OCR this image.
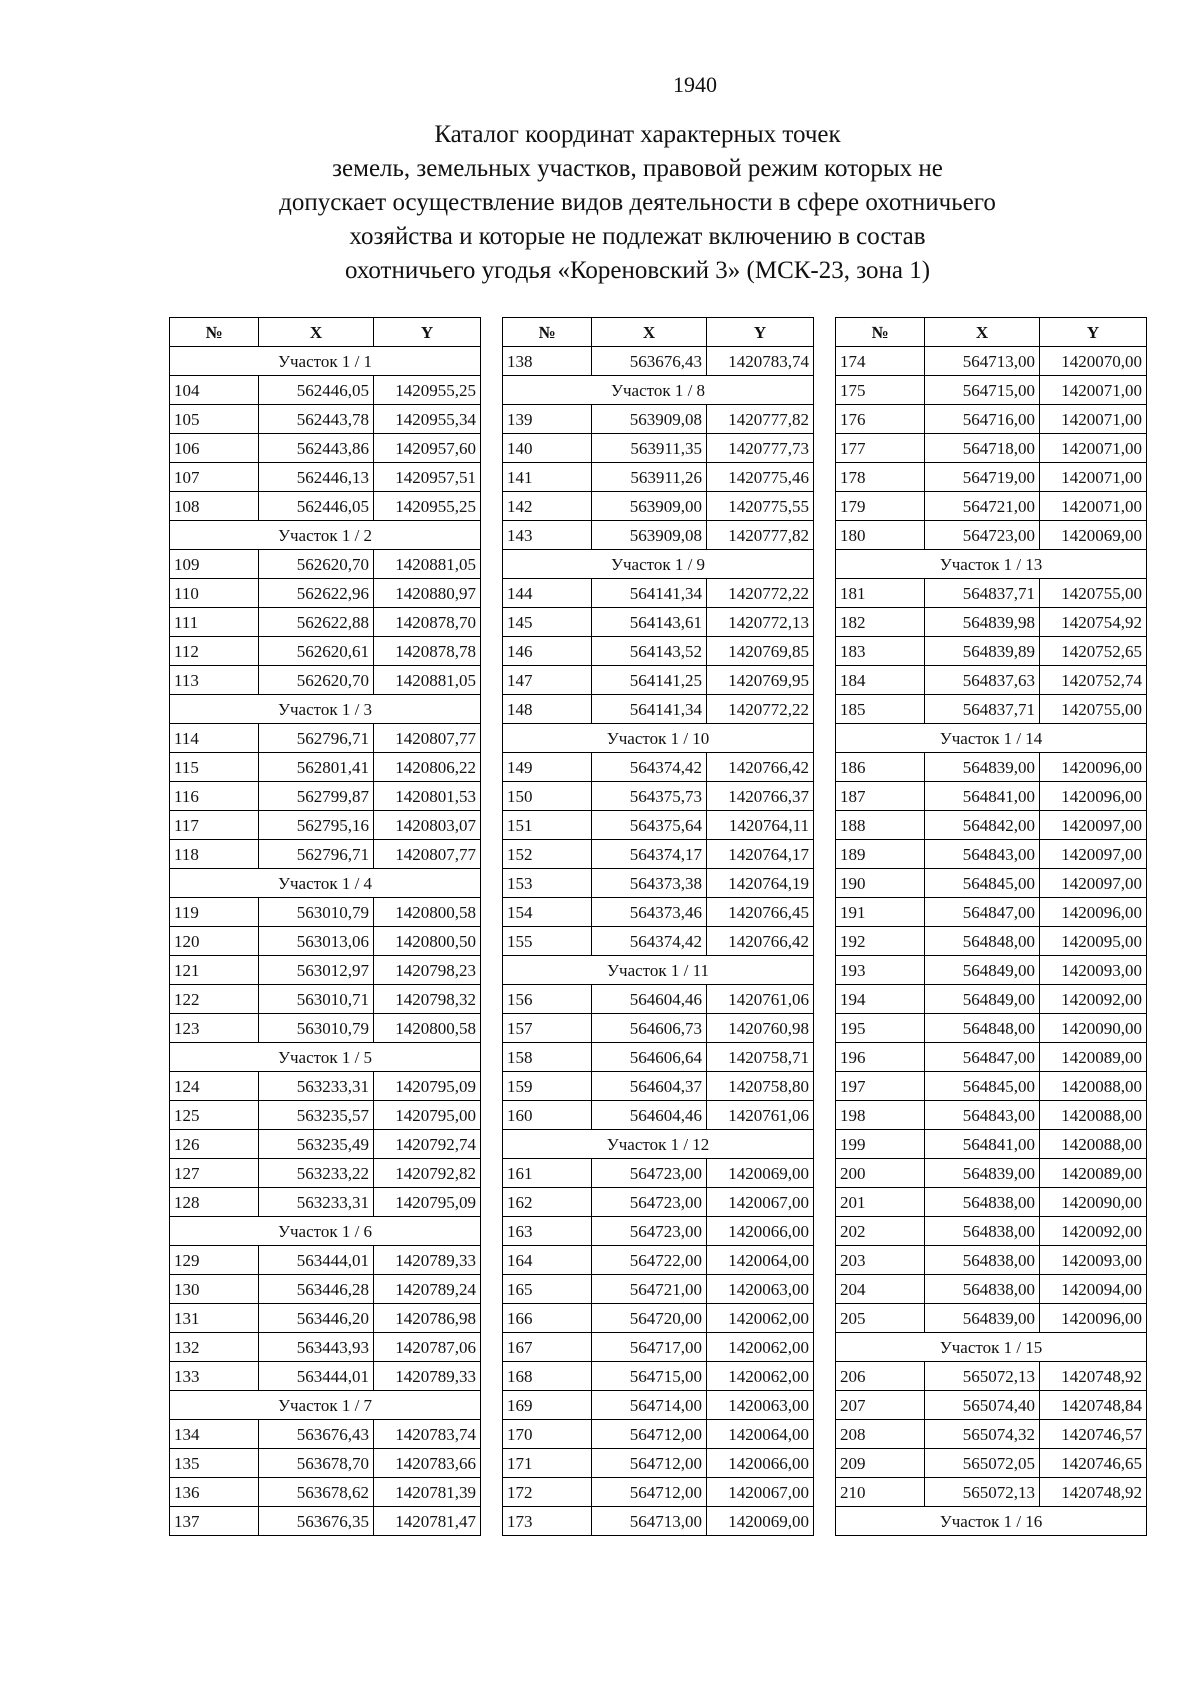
1940
Каталог координат характерных точек
земель, земельных участков, правовой режим которых не
допускает осуществление видов деятельности в сфере охотничьего
хозяйства и которые не подлежат включению в состав
охотничьего угодья «Кореновский 3» (МСК-23, зона 1)
№	X	Y
Участок 1 / 1		
104	562446,05	1420955,25
105	562443,78	1420955,34
106	562443,86	1420957,60
107	562446,13	1420957,51
108	562446,05	1420955,25
Участок 1 / 2		
109	562620,70	1420881,05
110	562622,96	1420880,97
111	562622,88	1420878,70
112	562620,61	1420878,78
113	562620,70	1420881,05
Участок 1 / 3		
114	562796,71	1420807,77
115	562801,41	1420806,22
116	562799,87	1420801,53
117	562795,16	1420803,07
118	562796,71	1420807,77
Участок 1 / 4		
119	563010,79	1420800,58
120	563013,06	1420800,50
121	563012,97	1420798,23
122	563010,71	1420798,32
123	563010,79	1420800,58
Участок 1 / 5		
124	563233,31	1420795,09
125	563235,57	1420795,00
126	563235,49	1420792,74
127	563233,22	1420792,82
128	563233,31	1420795,09
Участок 1 / 6		
129	563444,01	1420789,33
130	563446,28	1420789,24
131	563446,20	1420786,98
132	563443,93	1420787,06
133	563444,01	1420789,33
Участок 1 / 7		
134	563676,43	1420783,74
135	563678,70	1420783,66
136	563678,62	1420781,39
137	563676,35	1420781,47
№	X	Y
138	563676,43	1420783,74
Участок 1 / 8		
139	563909,08	1420777,82
140	563911,35	1420777,73
141	563911,26	1420775,46
142	563909,00	1420775,55
143	563909,08	1420777,82
Участок 1 / 9		
144	564141,34	1420772,22
145	564143,61	1420772,13
146	564143,52	1420769,85
147	564141,25	1420769,95
148	564141,34	1420772,22
Участок 1 / 10		
149	564374,42	1420766,42
150	564375,73	1420766,37
151	564375,64	1420764,11
152	564374,17	1420764,17
153	564373,38	1420764,19
154	564373,46	1420766,45
155	564374,42	1420766,42
Участок 1 / 11		
156	564604,46	1420761,06
157	564606,73	1420760,98
158	564606,64	1420758,71
159	564604,37	1420758,80
160	564604,46	1420761,06
Участок 1 / 12		
161	564723,00	1420069,00
162	564723,00	1420067,00
163	564723,00	1420066,00
164	564722,00	1420064,00
165	564721,00	1420063,00
166	564720,00	1420062,00
167	564717,00	1420062,00
168	564715,00	1420062,00
169	564714,00	1420063,00
170	564712,00	1420064,00
171	564712,00	1420066,00
172	564712,00	1420067,00
173	564713,00	1420069,00
№	X	Y
174	564713,00	1420070,00
175	564715,00	1420071,00
176	564716,00	1420071,00
177	564718,00	1420071,00
178	564719,00	1420071,00
179	564721,00	1420071,00
180	564723,00	1420069,00
Участок 1 / 13		
181	564837,71	1420755,00
182	564839,98	1420754,92
183	564839,89	1420752,65
184	564837,63	1420752,74
185	564837,71	1420755,00
Участок 1 / 14		
186	564839,00	1420096,00
187	564841,00	1420096,00
188	564842,00	1420097,00
189	564843,00	1420097,00
190	564845,00	1420097,00
191	564847,00	1420096,00
192	564848,00	1420095,00
193	564849,00	1420093,00
194	564849,00	1420092,00
195	564848,00	1420090,00
196	564847,00	1420089,00
197	564845,00	1420088,00
198	564843,00	1420088,00
199	564841,00	1420088,00
200	564839,00	1420089,00
201	564838,00	1420090,00
202	564838,00	1420092,00
203	564838,00	1420093,00
204	564838,00	1420094,00
205	564839,00	1420096,00
Участок 1 / 15		
206	565072,13	1420748,92
207	565074,40	1420748,84
208	565074,32	1420746,57
209	565072,05	1420746,65
210	565072,13	1420748,92
Участок 1 / 16		
